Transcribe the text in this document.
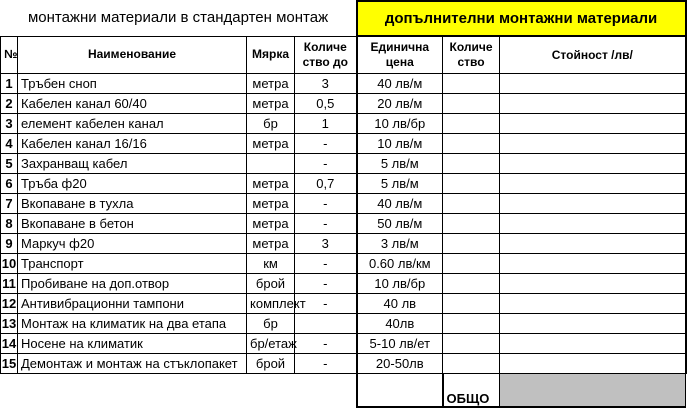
монтажни материали в стандартен монтаж				допълнителни монтажни материали		
№	Наименование	Мярка	Количе ство до	Единична цена	Количе ство	Стойност /лв/
1	Тръбен сноп	метра	3	40 лв/м		
2	Кабелен канал 60/40	метра	0,5	20 лв/м		
3	елемент кабелен канал	бр	1	10 лв/бр		
4	Кабелен канал 16/16	метра	-	10 лв/м		
5	Захранващ кабел		-	5 лв/м		
6	Тръба ф20	метра	0,7	5 лв/м		
7	Вкопаване в тухла	метра	-	40 лв/м		
8	Вкопаване в бетон	метра	-	50 лв/м		
9	Маркуч ф20	метра	3	3 лв/м		
10	Транспорт	км	-	0.60 лв/км		
11	Пробиване на доп.отвор	брой	-	10 лв/бр		
12	Антивибрационни тампони	комплект	-	40 лв		
13	Монтаж на климатик на два етапа	бр		40лв		
14	Носене на климатик	бр/етаж	-	5-10 лв/ет		
15	Демонтаж и монтаж на стъклопакет	брой	-	20-50лв		
					ОБЩО	
